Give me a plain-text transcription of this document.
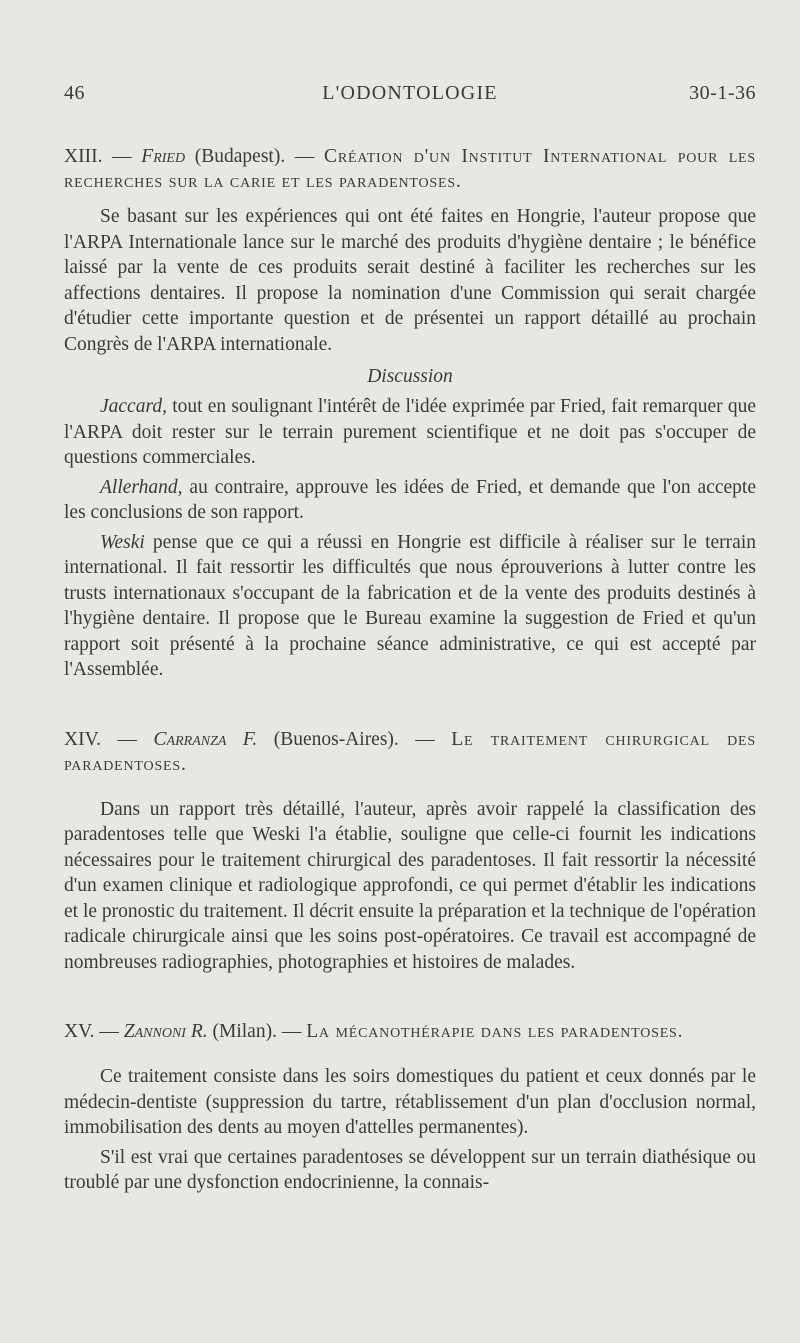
46	L'ODONTOLOGIE	30-1-36
XIII. — Fried (Budapest). — Création d'un Institut International pour les recherches sur la carie et les paradentoses.

Se basant sur les expériences qui ont été faites en Hongrie, l'auteur propose que l'ARPA Internationale lance sur le marché des produits d'hygiène dentaire ; le bénéfice laissé par la vente de ces produits serait destiné à faciliter les recherches sur les affections dentaires. Il propose la nomination d'une Commission qui serait chargée d'étudier cette importante question et de présentei un rapport détaillé au prochain Congrès de l'ARPA internationale.

Discussion

Jaccard, tout en soulignant l'intérêt de l'idée exprimée par Fried, fait remarquer que l'ARPA doit rester sur le terrain purement scientifique et ne doit pas s'occuper de questions commerciales.

Allerhand, au contraire, approuve les idées de Fried, et demande que l'on accepte les conclusions de son rapport.

Weski pense que ce qui a réussi en Hongrie est difficile à réaliser sur le terrain international. Il fait ressortir les difficultés que nous éprouverions à lutter contre les trusts internationaux s'occupant de la fabrication et de la vente des produits destinés à l'hygiène dentaire. Il propose que le Bureau examine la suggestion de Fried et qu'un rapport soit présenté à la prochaine séance administrative, ce qui est accepté par l'Assemblée.

XIV. — Carranza F. (Buenos-Aires). — Le traitement chirurgical des paradentoses.

Dans un rapport très détaillé, l'auteur, après avoir rappelé la classification des paradentoses telle que Weski l'a établie, souligne que celle-ci fournit les indications nécessaires pour le traitement chirurgical des paradentoses. Il fait ressortir la nécessité d'un examen clinique et radiologique approfondi, ce qui permet d'établir les indications et le pronostic du traitement. Il décrit ensuite la préparation et la technique de l'opération radicale chirurgicale ainsi que les soins post-opératoires. Ce travail est accompagné de nombreuses radiographies, photographies et histoires de malades.

XV. — Zannoni R. (Milan). — La mécanothérapie dans les paradentoses.

Ce traitement consiste dans les soirs domestiques du patient et ceux donnés par le médecin-dentiste (suppression du tartre, rétablissement d'un plan d'occlusion normal, immobilisation des dents au moyen d'attelles permanentes).

S'il est vrai que certaines paradentoses se développent sur un terrain diathésique ou troublé par une dysfonction endocrinienne, la connais-
